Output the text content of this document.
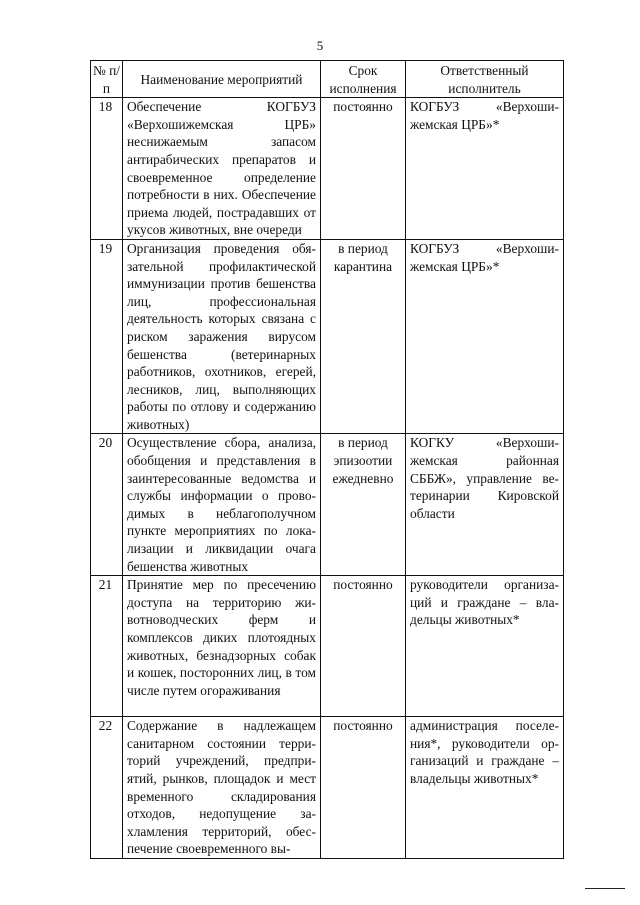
5
№ п/п	Наименование мероприятий	Срок исполнения	Ответственный исполнитель
18	Обеспечение КОГБУЗ «Верхошижемская ЦРБ» неснижаемым запасом антирабических препаратов и своевременное определение потребности в них. Обеспечение приема людей, пострадавших от укусов животных, вне очереди	постоянно	КОГБУЗ «Верхошижемская ЦРБ»*
19	Организация проведения обязательной профилактической иммунизации против бешенства лиц, профессиональная деятельность которых связана с риском заражения вирусом бешенства (ветеринарных работников, охотников, егерей, лесников, лиц, выполняющих работы по отлову и содержанию животных)	в период карантина	КОГБУЗ «Верхошижемская ЦРБ»*
20	Осуществление сбора, анализа, обобщения и представления в заинтересованные ведомства и службы информации о проводимых в неблагополучном пункте мероприятиях по локализации и ликвидации очага бешенства животных	в период эпизоотии ежедневно	КОГКУ «Верхошижемская районная СББЖ», управление ветеринарии Кировской области
21	Принятие мер по пресечению доступа на территорию животноводческих ферм и комплексов диких плотоядных животных, безнадзорных собак и кошек, посторонних лиц, в том числе путем огораживания	постоянно	руководители организаций и граждане – владельцы животных*
22	Содержание в надлежащем санитарном состоянии территорий учреждений, предприятий, рынков, площадок и мест временного складирования отходов, недопущение захламления территорий, обеспечение своевременного вы-	постоянно	администрация поселения*, руководители организаций и граждане – владельцы животных*
